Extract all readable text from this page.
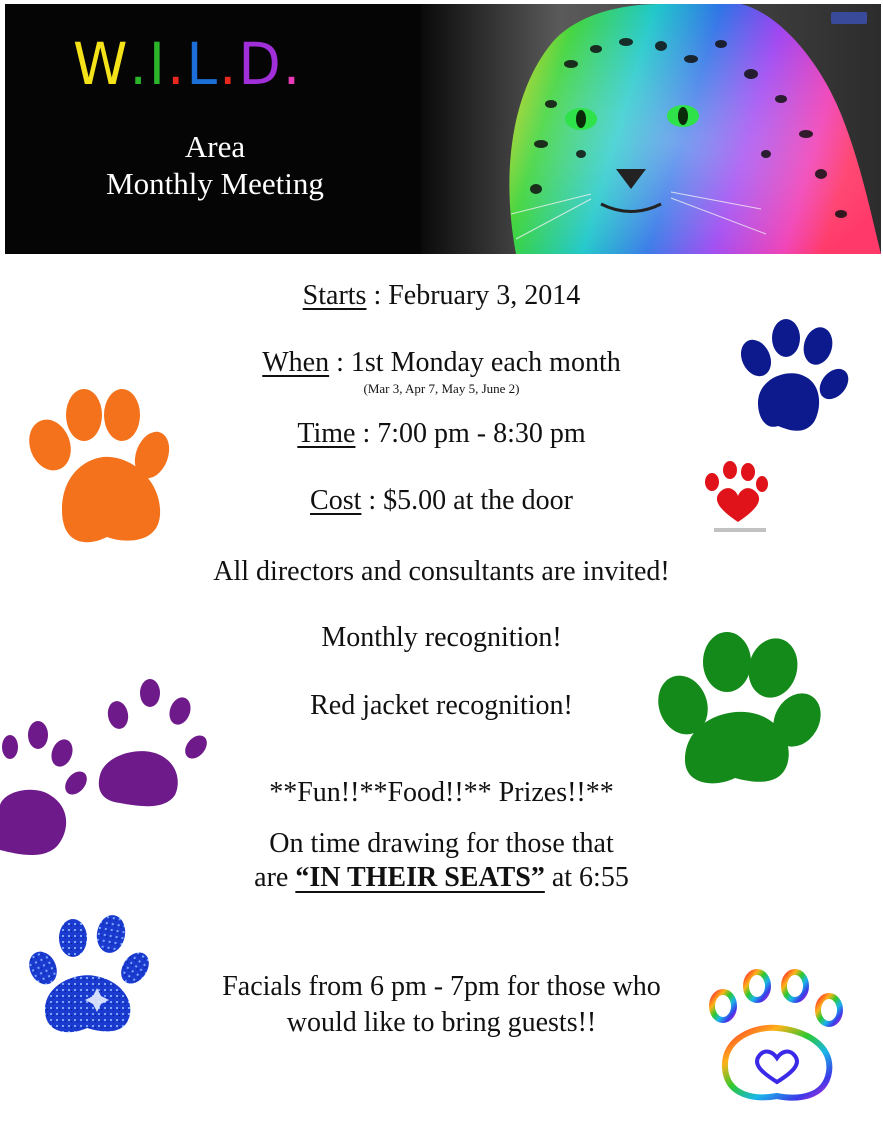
W.I.L.D.
Area
Monthly Meeting
Starts : February 3, 2014
When : 1st Monday each month
(Mar 3, Apr 7, May 5, June 2)
Time : 7:00 pm - 8:30 pm
Cost : $5.00 at the door
All directors and consultants are invited!
Monthly recognition!
Red jacket recognition!
**Fun!!**Food!!** Prizes!!**
On time drawing for those that
are “IN THEIR SEATS” at 6:55
Facials from 6 pm - 7pm for those who
would like to bring guests!!
